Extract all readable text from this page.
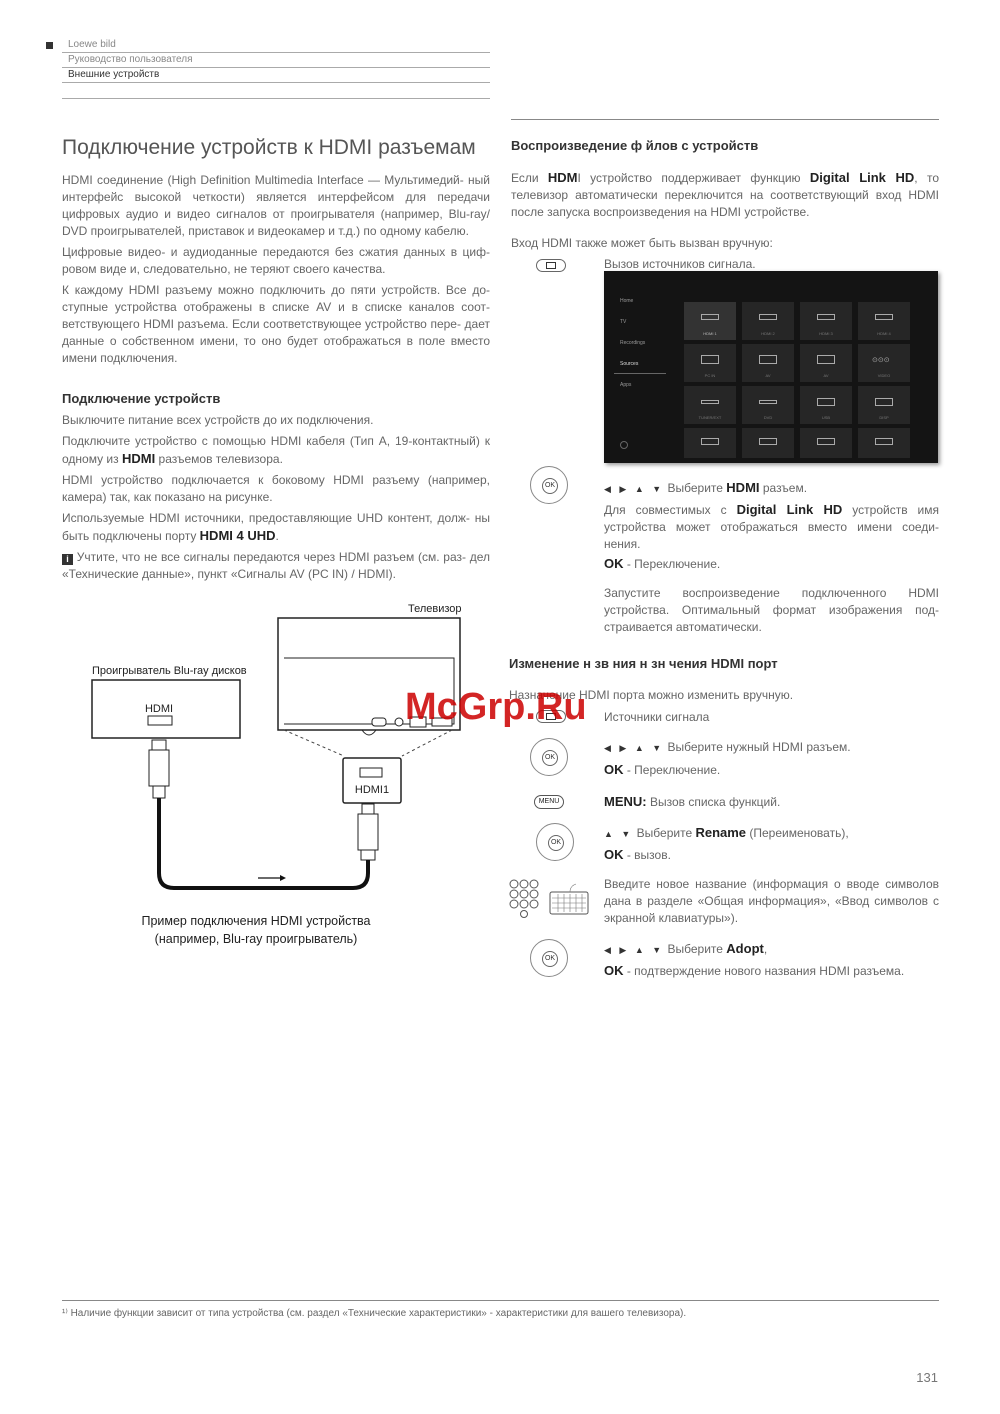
Loewe bild
Руководство пользователя
Внешние устройств
Подключение устройств к HDMI разъемам

HDMI соединение (High Definition Multimedia Interface — Мультимедий- ный интерфейс высокой четкости) является интерфейсом для передачи цифровых аудио и видео сигналов от проигрывателя (например, Blu-ray/ DVD проигрывателей, приставок и видеокамер и т.д.) по одному кабелю.

Цифровые видео- и аудиоданные передаются без сжатия данных в циф- ровом виде и, следовательно, не теряют своего качества.

К каждому HDMI разъему можно подключить до пяти устройств. Все до- ступные устройства отображены в списке AV и в списке каналов соот- ветствующего HDMI разъема. Если соответствующее устройство пере- дает данные о собственном имени, то оно будет отображаться в поле вместо имени подключения.

Подключение устройств

Выключите питание всех устройств до их подключения.

Подключите устройство с помощью HDMI кабеля (Тип А, 19-контактный) к одному из HDMI разъемов телевизора.

HDMI устройство подключается к боковому HDMI разъему (например, камера) так, как показано на рисунке.

Используемые HDMI источники, предоставляющие UHD контент, долж- ны быть подключены порту HDMI 4 UHD.

i Учтите, что не все сигналы передаются через HDMI разъем (см. раз- дел «Технические данные», пункт «Сигналы AV (PC IN) / HDMI).

Телевизор
HDMI1
Проигрыватель Blu-ray дисков
HDMI
Пример подключения HDMI устройства
(например, Blu-ray проигрыватель)
Воспроизведение ф йлов с устройств

Если HDMI устройство поддерживает функцию Digital Link HD, то телевизор автоматически переключится на соответствующий вход HDMI после запуска воспроизведения на HDMI устройстве.

Вход HDMI также может быть вызван вручную:

Вызов источников сигнала.
Home
TV
Recordings
Sources
Apps
HDMI 1	HDMI 2	HDMI 3	HDMI 4
PC IN	AV	AV
⊙⊙⊙
VIDEO
TUNER/EXT	DVD	USB	DISP
OK	◀ ▶ ▲ ▼ Выберите HDMI разъем.
Для совместимых с Digital Link HD устройств имя устройства может отображаться вместо имени соеди- нения.
OK - Переключение.
Запустите воспроизведение подключенного HDMI устройства. Оптимальный формат изображения под- страивается автоматически.
Изменение н зв ния н зн чения HDMI порт
Назначение HDMI порта можно изменить вручную.
Источники сигнала
OK
◀ ▶ ▲ ▼ Выберите нужный HDMI разъем.
OK - Переключение.
MENU	MENU: Вызов списка функций.
OK
▲ ▼ Выберите Rename (Переименовать),
OK - вызов.
Введите новое название (информация о вводе символов дана в разделе «Общая информация», «Ввод символов с экранной клавиатуры»).
OK
◀ ▶ ▲ ▼ Выберите Adopt,
OK - подтверждение нового названия HDMI разъема.
McGrp.Ru
¹⁾ Наличие функции зависит от типа устройства (см. раздел «Технические характеристики» - характеристики для вашего телевизора).
131
